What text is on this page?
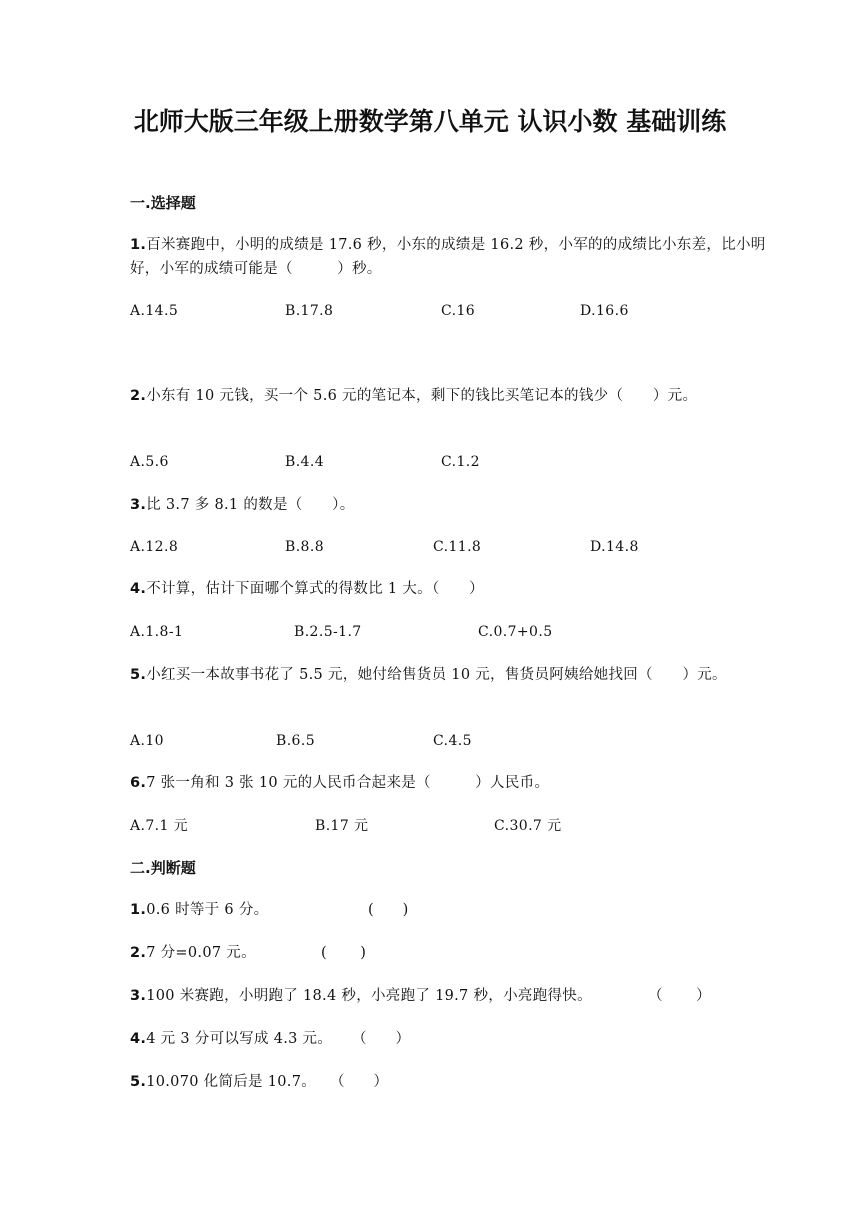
北师大版三年级上册数学第八单元 认识小数 基础训练
一.选择题
1.百米赛跑中，小明的成绩是 17.6 秒，小东的成绩是 16.2 秒，小军的的成绩比小东差，比小明好，小军的成绩可能是（　　　）秒。
A.14.5	B.17.8	C.16	D.16.6
2.小东有 10 元钱，买一个 5.6 元的笔记本，剩下的钱比买笔记本的钱少（　　）元。
A.5.6	B.4.4	C.1.2
3.比 3.7 多 8.1 的数是（　　）。
A.12.8	B.8.8	C.11.8	D.14.8
4.不计算，估计下面哪个算式的得数比 1 大。（　　）
A.1.8-1	B.2.5-1.7	C.0.7+0.5
5.小红买一本故事书花了 5.5 元，她付给售货员 10 元，售货员阿姨给她找回（　　）元。
A.10	B.6.5	C.4.5
6.7 张一角和 3 张 10 元的人民币合起来是（　　　）人民币。
A.7.1 元	B.17 元	C.30.7 元
二.判断题
1.0.6 时等于 6 分。	(　　)
2.7 分=0.07 元。	(　　 )
3.100 米赛跑，小明跑了 18.4 秒，小亮跑了 19.7 秒，小亮跑得快。	（　　 ）
4.4 元 3 分可以写成 4.3 元。 （　　）
5.10.070 化简后是 10.7。 （　　）
